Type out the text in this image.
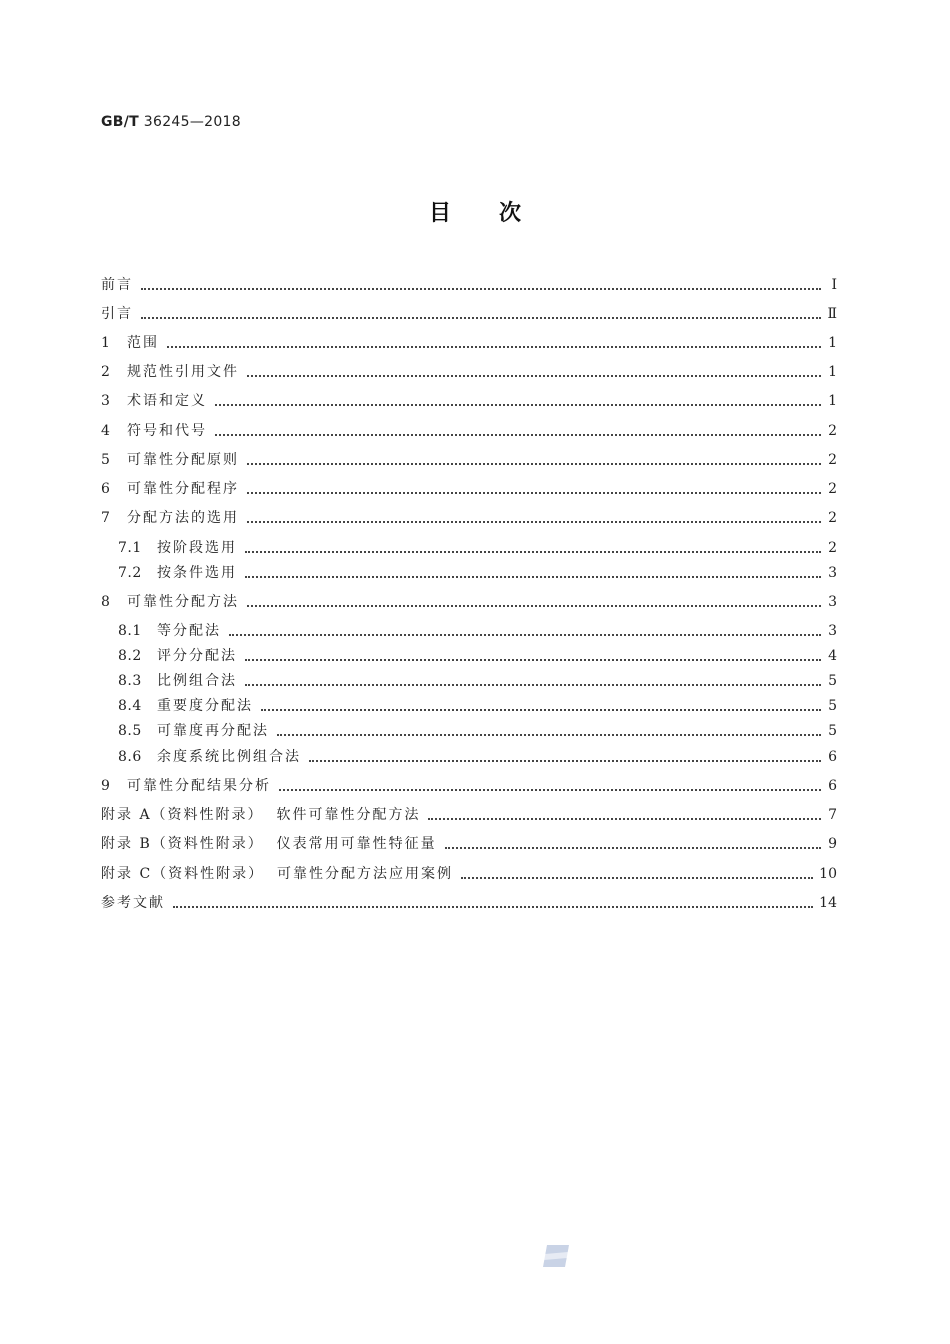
GB/T 36245—2018
目次
前言	Ⅰ
引言	Ⅱ
1	范围	1
2	规范性引用文件	1
3	术语和定义	1
4	符号和代号	2
5	可靠性分配原则	2
6	可靠性分配程序	2
7	分配方法的选用	2
7.1	按阶段选用	2
7.2	按条件选用	3
8	可靠性分配方法	3
8.1	等分配法	3
8.2	评分分配法	4
8.3	比例组合法	5
8.4	重要度分配法	5
8.5	可靠度再分配法	5
8.6	余度系统比例组合法	6
9	可靠性分配结果分析	6
附录 A（资料性附录）  软件可靠性分配方法	7
附录 B（资料性附录）  仪表常用可靠性特征量	9
附录 C（资料性附录）  可靠性分配方法应用案例	10
参考文献	14
